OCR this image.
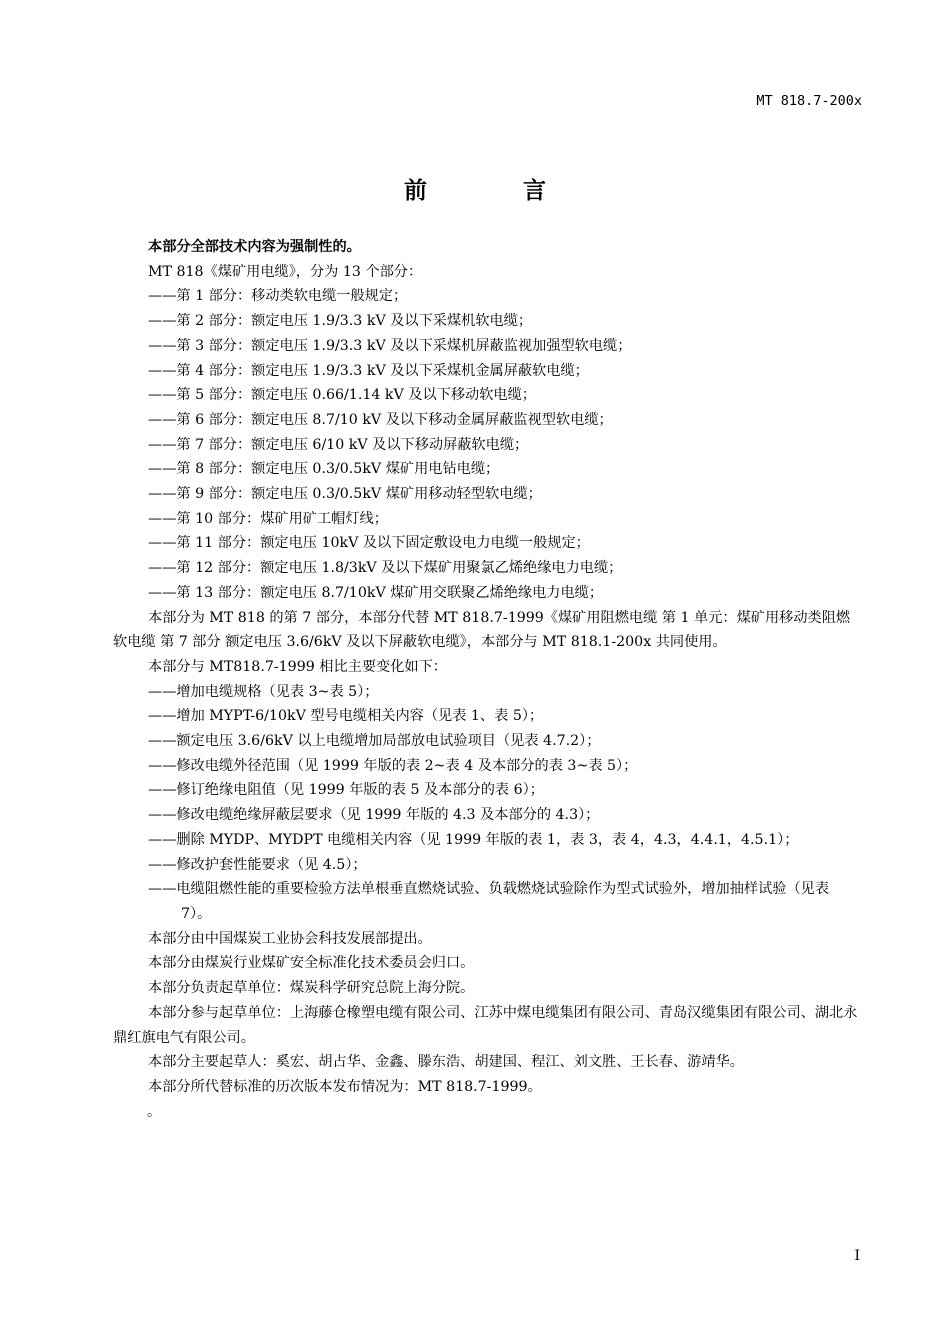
MT 818.7-200x
前 言

本部分全部技术内容为强制性的。

MT 818《煤矿用电缆》，分为 13 个部分：

——第 1 部分：移动类软电缆一般规定；

——第 2 部分：额定电压 1.9/3.3 kV 及以下采煤机软电缆；

——第 3 部分：额定电压 1.9/3.3 kV 及以下采煤机屏蔽监视加强型软电缆；

——第 4 部分：额定电压 1.9/3.3 kV 及以下采煤机金属屏蔽软电缆；

——第 5 部分：额定电压 0.66/1.14 kV 及以下移动软电缆；

——第 6 部分：额定电压 8.7/10 kV 及以下移动金属屏蔽监视型软电缆；

——第 7 部分：额定电压 6/10 kV 及以下移动屏蔽软电缆；

——第 8 部分：额定电压 0.3/0.5kV 煤矿用电钻电缆；

——第 9 部分：额定电压 0.3/0.5kV 煤矿用移动轻型软电缆；

——第 10 部分：煤矿用矿工帽灯线；

——第 11 部分：额定电压 10kV 及以下固定敷设电力电缆一般规定；

——第 12 部分：额定电压 1.8/3kV 及以下煤矿用聚氯乙烯绝缘电力电缆；

——第 13 部分：额定电压 8.7/10kV 煤矿用交联聚乙烯绝缘电力电缆；

本部分为 MT 818 的第 7 部分，本部分代替 MT 818.7-1999《煤矿用阻燃电缆 第 1 单元：煤矿用移动类阻燃软电缆 第 7 部分 额定电压 3.6/6kV 及以下屏蔽软电缆》，本部分与 MT 818.1-200x 共同使用。

本部分与 MT818.7-1999 相比主要变化如下：

——增加电缆规格（见表 3~表 5）；

——增加 MYPT-6/10kV 型号电缆相关内容（见表 1、表 5）；

——额定电压 3.6/6kV 以上电缆增加局部放电试验项目（见表 4.7.2）；

——修改电缆外径范围（见 1999 年版的表 2~表 4 及本部分的表 3~表 5）；

——修订绝缘电阻值（见 1999 年版的表 5 及本部分的表 6）；

——修改电缆绝缘屏蔽层要求（见 1999 年版的 4.3 及本部分的 4.3）；

——删除 MYDP、MYDPT 电缆相关内容（见 1999 年版的表 1，表 3，表 4，4.3，4.4.1，4.5.1）；

——修改护套性能要求（见 4.5）；

——电缆阻燃性能的重要检验方法单根垂直燃烧试验、负载燃烧试验除作为型式试验外，增加抽样试验（见表 7）。

本部分由中国煤炭工业协会科技发展部提出。

本部分由煤炭行业煤矿安全标准化技术委员会归口。

本部分负责起草单位：煤炭科学研究总院上海分院。

本部分参与起草单位：上海藤仓橡塑电缆有限公司、江苏中煤电缆集团有限公司、青岛汉缆集团有限公司、湖北永鼎红旗电气有限公司。

本部分主要起草人：奚宏、胡占华、金鑫、滕东浩、胡建国、程江、刘文胜、王长春、游靖华。

本部分所代替标准的历次版本发布情况为：MT 818.7-1999。

。

I
